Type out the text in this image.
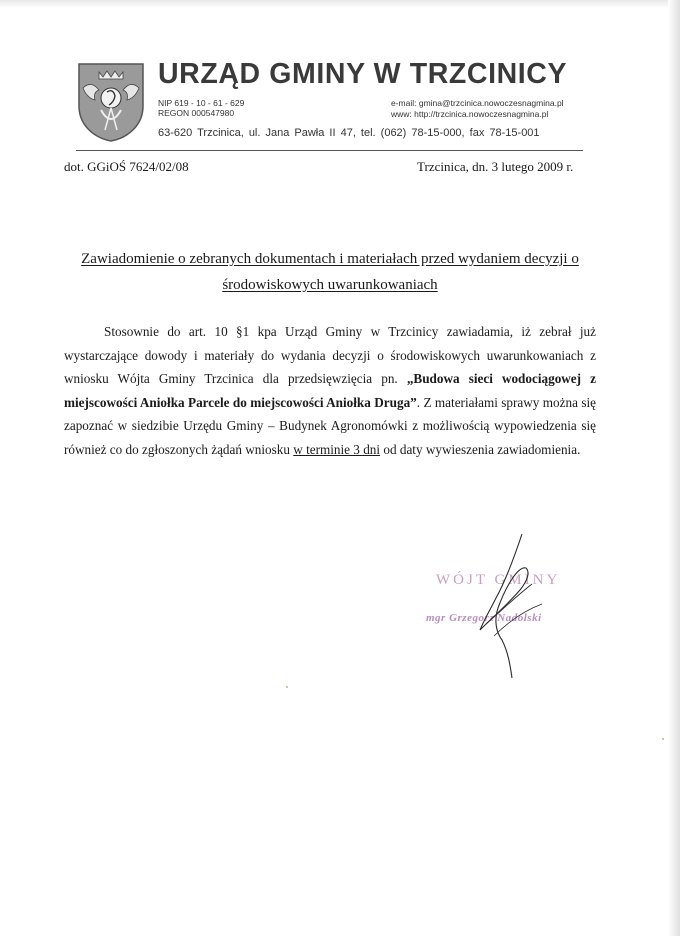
URZĄD GMINY W TRZCINICY
NIP 619 - 10 - 61 - 629
REGON 000547980
e-mail: gmina@trzcinica.nowoczesnagmina.pl
www: http://trzcinica.nowoczesnagmina.pl
63-620 Trzcinica, ul. Jana Pawła II 47, tel. (062) 78-15-000, fax 78-15-001
dot. GGiOŚ 7624/02/08	Trzcinica, dn. 3 lutego 2009 r.
Zawiadomienie o zebranych dokumentach i materiałach przed wydaniem decyzji o
środowiskowych uwarunkowaniach

Stosownie do art. 10 §1 kpa Urząd Gminy w Trzcinicy zawiadamia, iż zebrał już wystarczające dowody i materiały do wydania decyzji o środowiskowych uwarunkowaniach z wniosku Wójta Gminy Trzcinica dla przedsięwzięcia pn. „Budowa sieci wodociągowej z miejscowości Aniołka Parcele do miejscowości Aniołka Druga”. Z materiałami sprawy można się zapoznać w siedzibie Urzędu Gminy – Budynek Agronomówki z możliwością wypowiedzenia się również co do zgłoszonych żądań wniosku w terminie 3 dni od daty wywieszenia zawiadomienia.

WÓJT GMINY
mgr Grzegorz Nadolski
